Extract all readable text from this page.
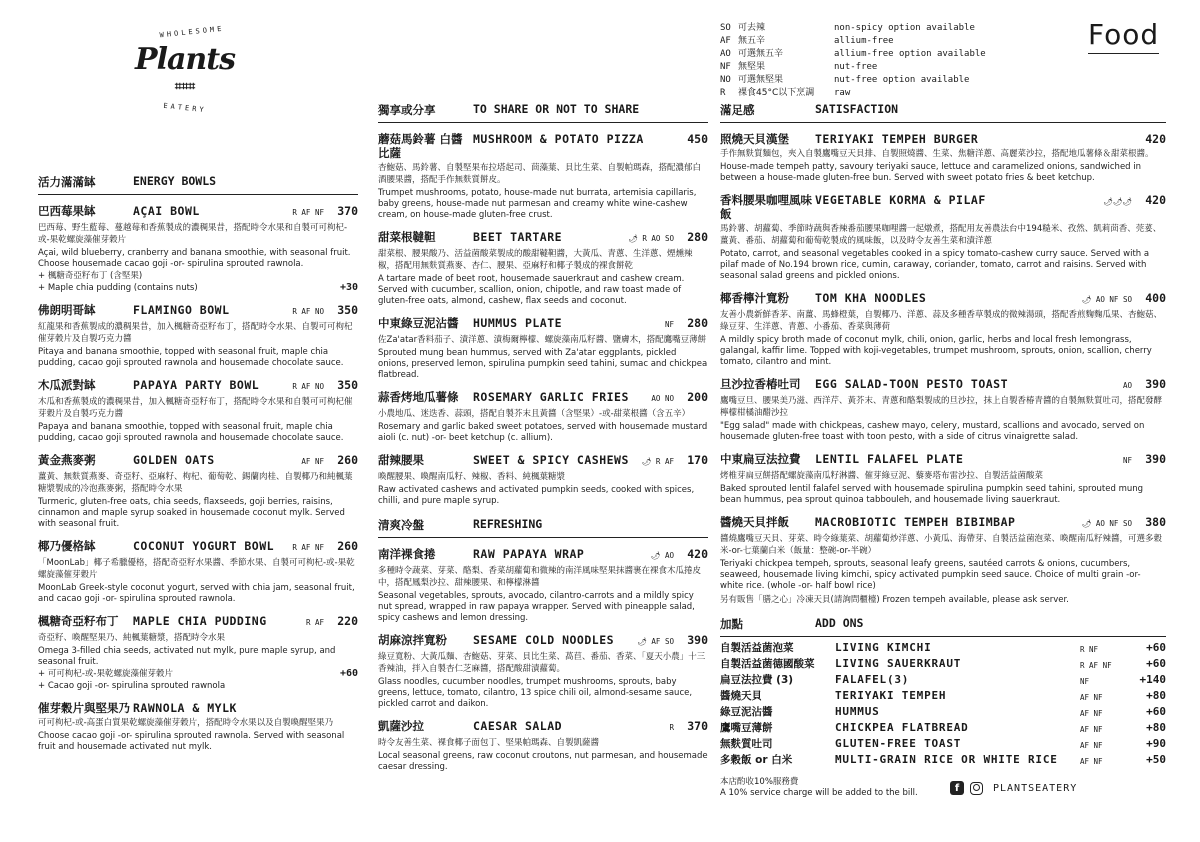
WHOLESOME
Plants
⌗⌗⌗
EATERY
SO 可去辣	non-spicy option available
AF 無五辛	allium-free
AO 可選無五辛	allium-free option available
NF 無堅果	nut-free
NO 可選無堅果	nut-free option available
R	裸食45°C以下烹調	raw
Food
活力滿滿缽	ENERGY BOWLS
巴西莓果缽	AÇAI BOWL	R AF NF	370
巴西莓、野生藍莓、蔓越莓和香蕉製成的濃稠果昔，搭配時令水果和自製可可枸杞-或-果乾螺旋藻催芽穀片
Açai, wild blueberry, cranberry and banana smoothie, with seasonal fruit. Choose housemade cacao goji -or- spirulina sprouted rawnola.
+ 楓糖奇亞籽布丁 (含堅果)
+ Maple chia pudding (contains nuts)	+30
佛朗明哥缽	FLAMINGO BOWL	R AF NO	350
紅龍果和香蕉製成的濃稠果昔，加入楓糖奇亞籽布丁，搭配時令水果、自製可可枸杞催芽穀片及自製巧克力醬
Pitaya and banana smoothie, topped with seasonal fruit, maple chia pudding, cacao goji sprouted rawnola and housemade chocolate sauce.
木瓜派對缽	PAPAYA PARTY BOWL	R AF NO	350
木瓜和香蕉製成的濃稠果昔，加入楓糖奇亞籽布丁，搭配時令水果和自製可可枸杞催芽穀片及自製巧克力醬
Papaya and banana smoothie, topped with seasonal fruit, maple chia pudding, cacao goji sprouted rawnola and housemade chocolate sauce.
黃金燕麥粥	GOLDEN OATS	AF NF	260
薑黃、無麩質燕麥、奇亞籽、亞麻籽、枸杞、葡萄乾、錫蘭肉桂、自製椰乃和純楓葉糖漿製成的冷泡燕麥粥，搭配時令水果
Turmeric, gluten-free oats, chia seeds, flaxseeds, goji berries, raisins, cinnamon and maple syrup soaked in housemade coconut mylk. Served with seasonal fruit.
椰乃優格缽	COCONUT YOGURT BOWL	R AF NF	260
「MoonLab」椰子希臘優格，搭配奇亞籽水果醬、季節水果、自製可可枸杞-或-果乾螺旋藻催芽穀片
MoonLab Greek-style coconut yogurt, served with chia jam, seasonal fruit, and cacao goji -or- spirulina sprouted rawnola.
楓糖奇亞籽布丁	MAPLE CHIA PUDDING	R AF	220
奇亞籽、喚醒堅果乃、純楓葉糖漿，搭配時令水果
Omega 3-filled chia seeds, activated nut mylk, pure maple syrup, and seasonal fruit.
+ 可可枸杞-或-果乾螺旋藻催芽穀片	+60
+ Cacao goji -or- spirulina sprouted rawnola
催芽穀片與堅果乃 RAWNOLA & MYLK
可可枸杞-或-高蛋白質果乾螺旋藻催芽穀片，搭配時令水果以及自製喚醒堅果乃
Choose cacao goji -or- spirulina sprouted rawnola. Served with seasonal fruit and housemade activated nut mylk.
獨享或分享	TO SHARE OR NOT TO SHARE
蘑菇馬鈴薯 白醬比薩
MUSHROOM & POTATO PIZZA	450
杏鮑菇、馬鈴薯、自製堅果布拉塔起司、茴藻葉、貝比生菜、自製帕瑪森，搭配濃郁白酒腰果醬，搭配手作無麩質餅皮。
Trumpet mushrooms, potato, house-made nut burrata, artemisia capillaris, baby greens, house-made nut parmesan and creamy white wine-cashew cream, on house-made gluten-free crust.
甜菜根韃靼	BEET TARTARE	🌶 R AO SO	280
甜菜根、腰果酸乃、活益菌酸菜製成的酸甜韃靼醬，大黃瓜、青蔥、生洋蔥、煙燻辣椒，搭配用無麩質燕麥、杏仁、腰果、亞麻籽和椰子製成的裸食餅乾
A tartare made of beet root, housemade sauerkraut and cashew cream. Served with cucumber, scallion, onion, chipotle, and raw toast made of gluten-free oats, almond, cashew, flax seeds and coconut.
中東綠豆泥沾醬	HUMMUS PLATE	NF	280
佐Za'atar香料茄子、漬洋蔥、漬梅爾檸檬、螺旋藻南瓜籽醬、鹽膚木，搭配鷹嘴豆薄餅
Sprouted mung bean hummus, served with Za'atar eggplants, pickled onions, preserved lemon, spirulina pumpkin seed tahini, sumac and chickpea flatbread.
蒜香烤地瓜薯條	ROSEMARY GARLIC FRIES	AO NO	200
小農地瓜、迷迭香、蒜頭，搭配自製芥末且黃醬（含堅果）-或-甜菜根醬（含五辛）
Rosemary and garlic baked sweet potatoes, served with housemade mustard aioli (c. nut) -or- beet ketchup (c. allium).
甜辣腰果	SWEET & SPICY CASHEWS	🌶 R AF	170
喚醒腰果、喚醒南瓜籽、辣椒、香料、純楓葉糖漿
Raw activated cashews and activated pumpkin seeds, cooked with spices, chilli, and pure maple syrup.
清爽冷盤	REFRESHING
南洋裸食捲	RAW PAPAYA WRAP	🌶 AO	420
多種時令蔬菜、芽菜、酪梨、香菜胡蘿蔔和微辣的南洋風味堅果抹醬裹在裸食木瓜捲皮中，搭配鳳梨沙拉、甜辣腰果、和檸檬淋醬
Seasonal vegetables, sprouts, avocado, cilantro-carrots and a mildly spicy nut spread, wrapped in raw papaya wrapper. Served with pineapple salad, spicy cashews and lemon dressing.
胡麻涼拌寬粉	SESAME COLD NOODLES	🌶 AF SO	390
綠豆寬粉、大黃瓜麵、杏鮑菇、芽菜、貝比生菜、萵苣、番茄、香菜、「夏天小農」十三香辣油，拌入自製杏仁芝麻醬，搭配酸甜漬蘿蔔。
Glass noodles, cucumber noodles, trumpet mushrooms, sprouts, baby greens, lettuce, tomato, cilantro, 13 spice chili oil, almond-sesame sauce, pickled carrot and daikon.
凱薩沙拉	CAESAR SALAD	R	370
時令友善生菜、裸食椰子面包丁、堅果帕瑪森、自製凱薩醬
Local seasonal greens, raw coconut croutons, nut parmesan, and housemade caesar dressing.
滿足感	SATISFACTION
照燒天貝漢堡	TERIYAKI TEMPEH BURGER	420
手作無麩質麵包，夾入自製鷹嘴豆天貝排、自製照燒醬、生菜、焦糖洋蔥、高麗菜沙拉，搭配地瓜薯條＆甜菜根醬。
House-made tempeh patty, savoury teriyaki sauce, lettuce and caramelized onions, sandwiched in between a house-made gluten-free bun. Served with sweet potato fries & beet ketchup.
香料腰果咖哩風味飯
VEGETABLE KORMA & PILAF	🌶🌶🌶	420
馬鈴薯、胡蘿蔔、季節時蔬與香辣番茄腰果咖哩醬一起燉煮，搭配用友善農法台中194糙米、孜然、凱莉茴香、莞荽、薑黃、番茄、胡蘿蔔和葡萄乾製成的風味飯，以及時令友善生菜和漬洋蔥
Potato, carrot, and seasonal vegetables cooked in a spicy tomato-cashew curry sauce. Served with a pilaf made of No.194 brown rice, cumin, caraway, coriander, tomato, carrot and raisins. Served with seasonal salad greens and pickled onions.
椰香檸汁寬粉	TOM KHA NOODLES	🌶 AO NF SO	400
友善小農新鮮香茅、南薑、馬蜂橙葉，自製椰乃、洋蔥、蒜及多種香草製成的微辣湯頭，搭配香煎麴麴瓜果、杏鮑菇、綠豆芽、生洋蔥、青蔥、小番茄、香菜與薄荷
A mildly spicy broth made of coconut mylk, chili, onion, garlic, herbs and local fresh lemongrass, galangal, kaffir lime. Topped with koji-vegetables, trumpet mushroom, sprouts, onion, scallion, cherry tomato, cilantro and mint.
旦沙拉香椿吐司	EGG SALAD-TOON PESTO TOAST	AO	390
鷹嘴豆旦、腰果美乃滋、西洋芹、黃芥末、青蔥和酪梨製成的旦沙拉，抹上自製香椿青醬的自製無麩質吐司，搭配發酵檸檬柑橘油醋沙拉
"Egg salad" made with chickpeas, cashew mayo, celery, mustard, scallions and avocado, served on housemade gluten-free toast with toon pesto, with a side of citrus vinaigrette salad.
中東扁豆法拉費	LENTIL FALAFEL PLATE	NF	390
烤椎芽扁豆餅搭配螺旋藻南瓜籽淋醬、催芽綠豆泥、藜麥塔布雷沙拉、自製活益菌酸菜
Baked sprouted lentil falafel served with housemade spirulina pumpkin seed tahini, sprouted mung bean hummus, pea sprout quinoa tabbouleh, and housemade living sauerkraut.
醬燒天貝拌飯	MACROBIOTIC TEMPEH BIBIMBAP	🌶 AO NF SO	380
醬燒鷹嘴豆天貝、芽菜、時令綠葉菜、胡蘿蔔炒洋蔥、小黃瓜、海帶芽、自製活益菌泡菜、喚醒南瓜籽辣醬，可選多穀米-or-七葉蘭白米（飯量：整碗-or-半碗）
Teriyaki chickpea tempeh, sprouts, seasonal leafy greens, sautéed carrots & onions, cucumbers, seaweed, housemade living kimchi, spicy activated pumpkin seed sauce. Choice of multi grain -or- white rice. (whole -or- half bowl rice)
另有販售「膳之心」冷凍天貝(請詢問櫃檯) Frozen tempeh available, please ask server.
加點	ADD ONS
自製活益菌泡菜	LIVING KIMCHI	R NF	+60
自製活益菌德國酸菜	LIVING SAUERKRAUT	R AF NF	+60
扁豆法拉費 (3)	FALAFEL(3)	NF	+140
醬燒天貝	TERIYAKI TEMPEH	AF NF	+80
綠豆泥沾醬	HUMMUS	AF NF	+60
鷹嘴豆薄餅	CHICKPEA FLATBREAD	AF NF	+80
無麩質吐司	GLUTEN-FREE TOAST	AF NF	+90
多穀飯 or 白米	MULTI-GRAIN RICE OR WHITE RICE	AF NF	+50
本店酌收10%服務費
A 10% service charge will be added to the bill.	f	PLANTSEATERY
